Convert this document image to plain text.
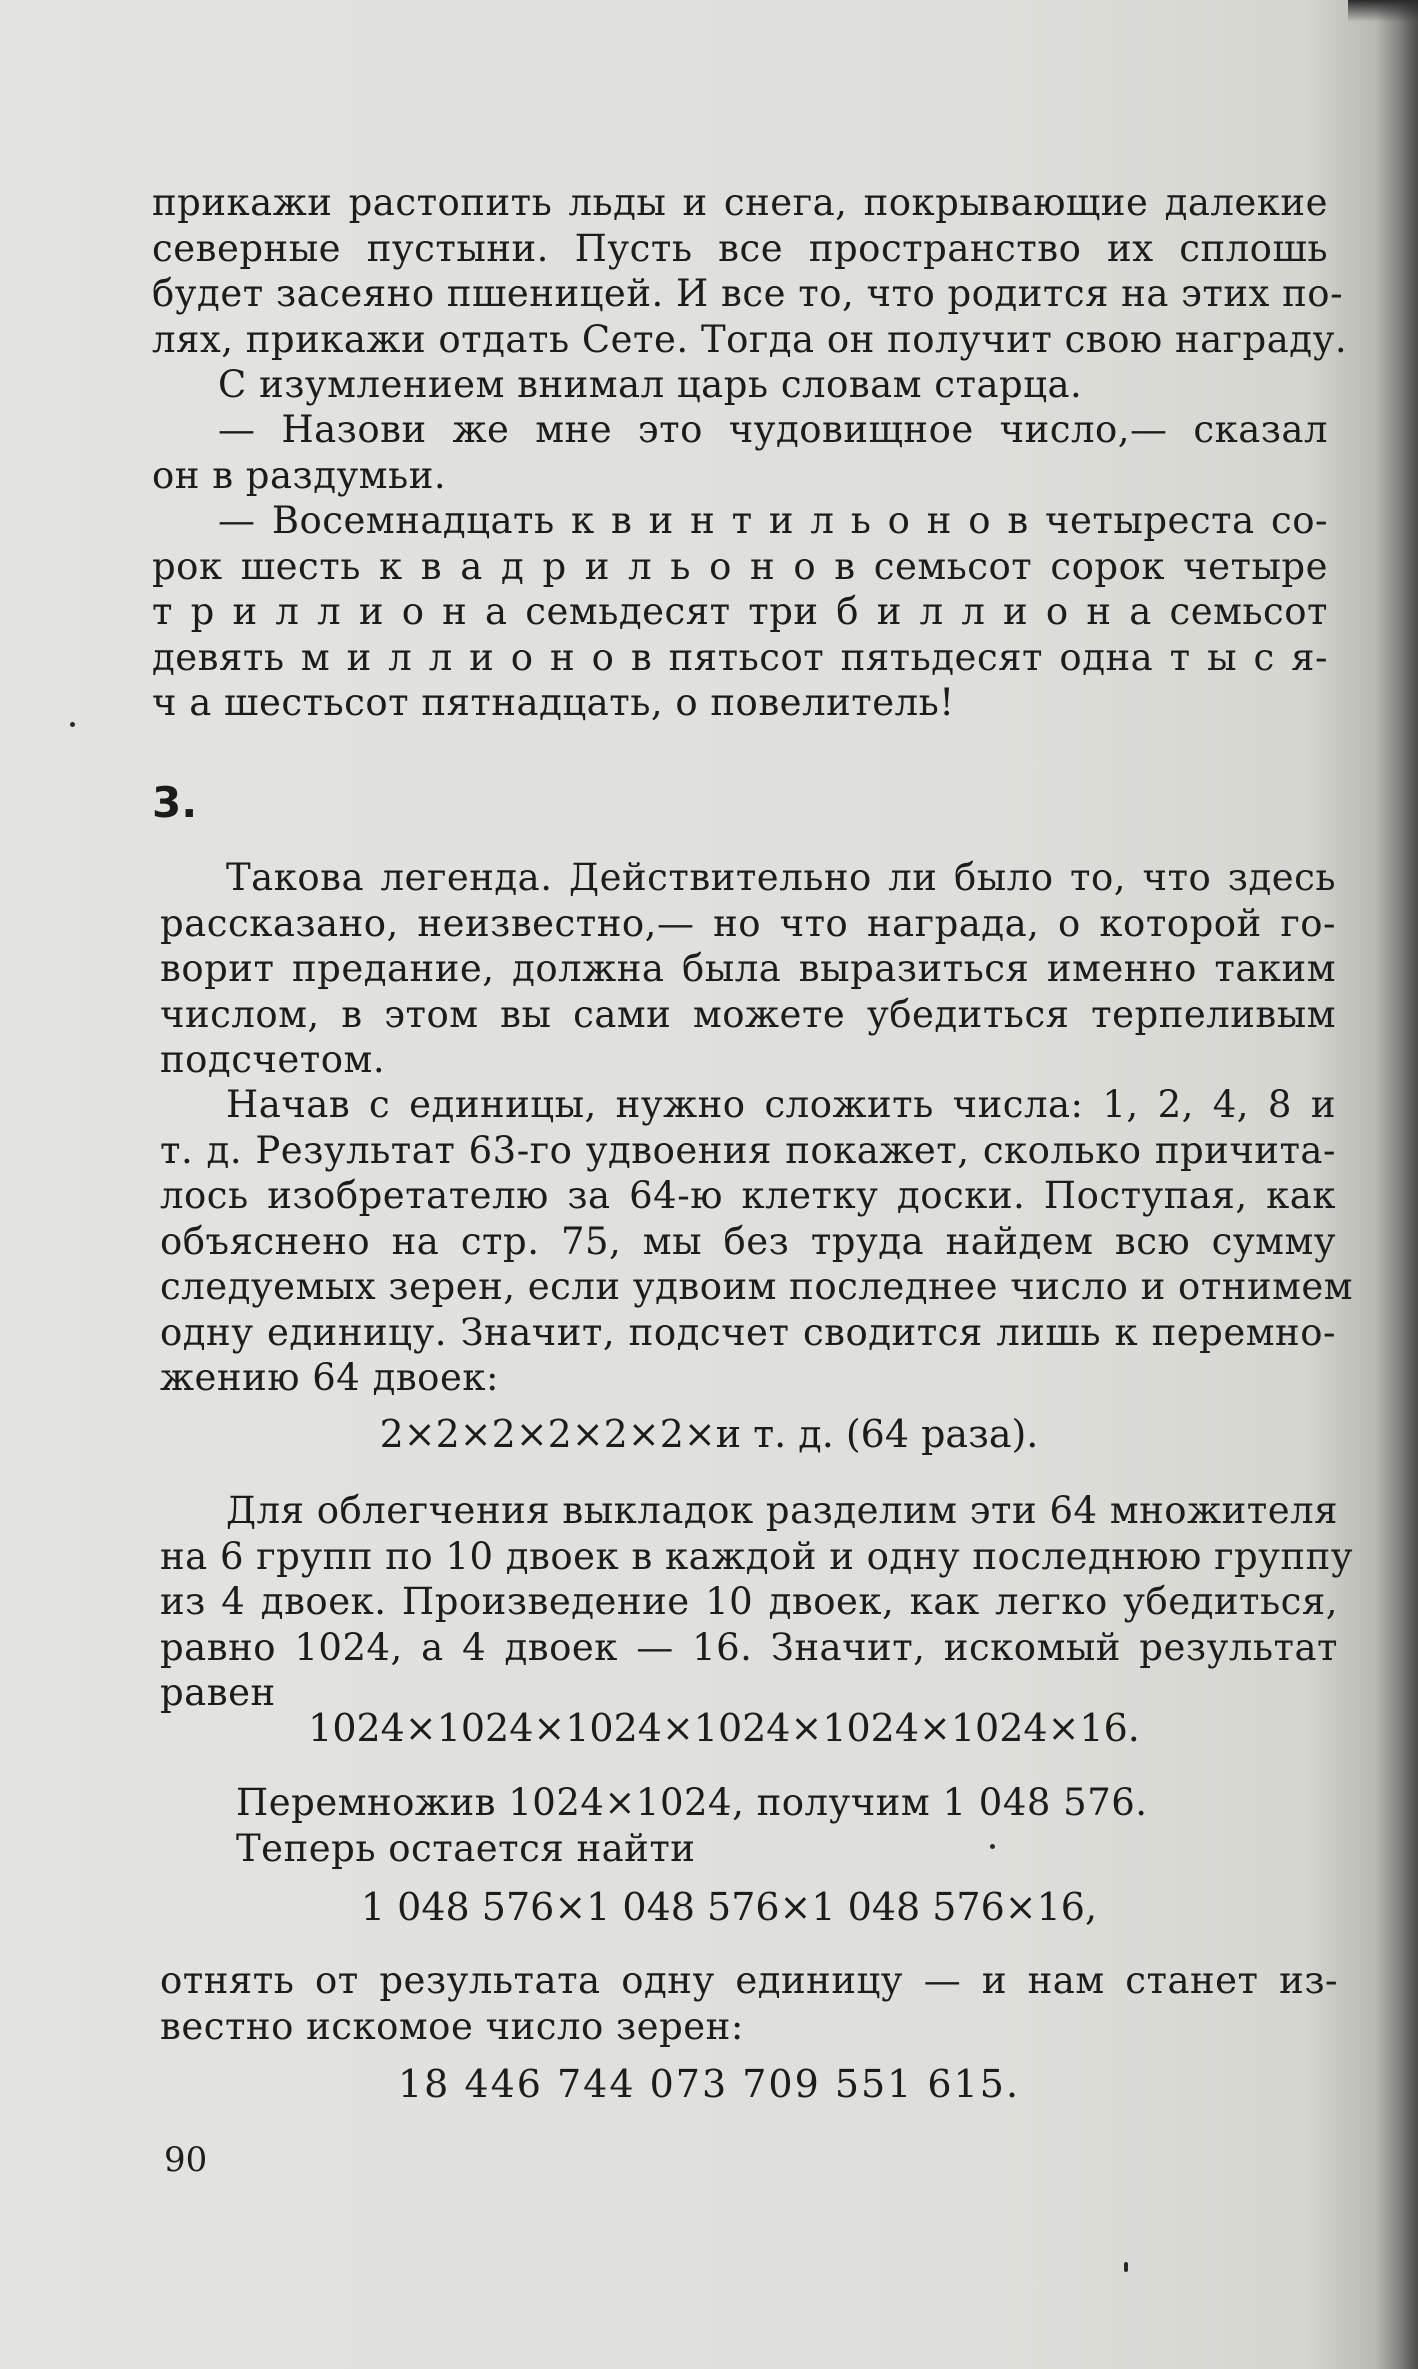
прикажи растопить льды и снега, покрывающие далекие
северные пустыни. Пусть все пространство их сплошь
будет засеяно пшеницей. И все то, что родится на этих по-
лях, прикажи отдать Сете. Тогда он получит свою награду.
С изумлением внимал царь словам старца.
— Назови же мне это чудовищное число,— сказал
он в раздумьи.
— Восемнадцать к в и н т и л ь о н о в четыреста со-
рок шесть к в а д р и л ь о н о в семьсот сорок четыре
т р и л л и о н а семьдесят три б и л л и о н а семьсот
девять м и л л и о н о в пятьсот пятьдесят одна т ы с я-
ч а шестьсот пятнадцать, о повелитель!
3.
Такова легенда. Действительно ли было то, что здесь
рассказано, неизвестно,— но что награда, о которой го-
ворит предание, должна была выразиться именно таким
числом, в этом вы сами можете убедиться терпеливым
подсчетом.
Начав с единицы, нужно сложить числа: 1, 2, 4, 8 и
т. д. Результат 63-го удвоения покажет, сколько причита-
лось изобретателю за 64-ю клетку доски. Поступая, как
объяснено на стр. 75, мы без труда найдем всю сумму
следуемых зерен, если удвоим последнее число и отнимем
одну единицу. Значит, подсчет сводится лишь к перемно-
жению 64 двоек:
2×2×2×2×2×2×и т. д. (64 раза).
Для облегчения выкладок разделим эти 64 множителя
на 6 групп по 10 двоек в каждой и одну последнюю группу
из 4 двоек. Произведение 10 двоек, как легко убедиться,
равно 1024, а 4 двоек — 16. Значит, искомый результат
равен
1024×1024×1024×1024×1024×1024×16.
Перемножив 1024×1024, получим 1 048 576.
Теперь остается найти
1 048 576×1 048 576×1 048 576×16,
отнять от результата одну единицу — и нам станет из-
вестно искомое число зерен:
18 446 744 073 709 551 615.
90
